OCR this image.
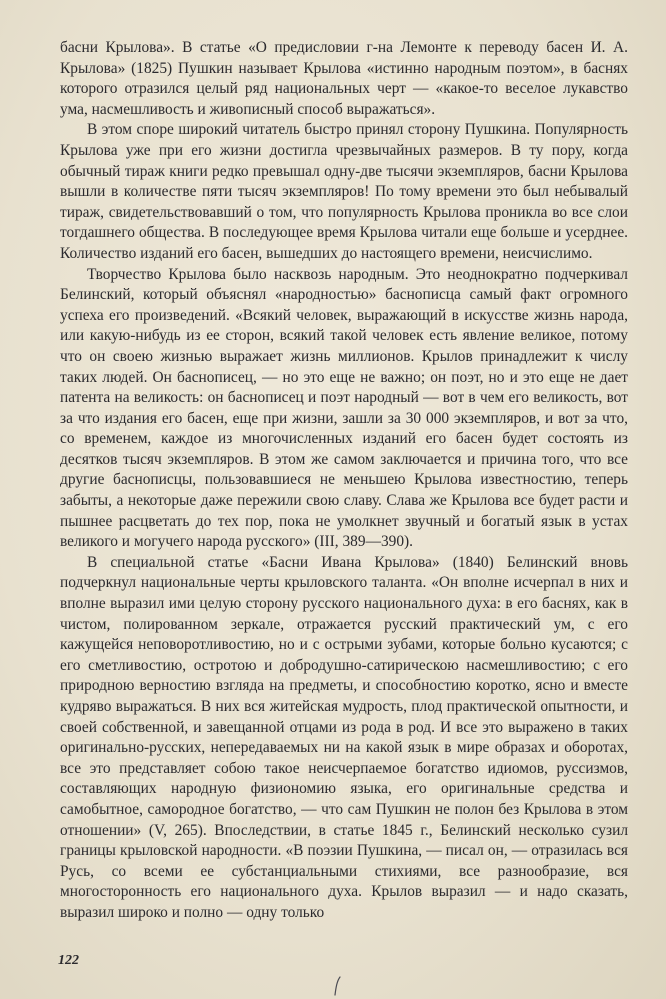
басни Крылова». В статье «О предисловии г-на Лемонте к переводу басен И. А. Крылова» (1825) Пушкин называет Крылова «истинно народным поэтом», в баснях которого отразился целый ряд национальных черт — «какое-то веселое лукавство ума, насмешливость и живописный способ выражаться».

В этом споре широкий читатель быстро принял сторону Пушкина. Популярность Крылова уже при его жизни достигла чрезвычайных размеров. В ту пору, когда обычный тираж книги редко превышал одну-две тысячи экземпляров, басни Крылова вышли в количестве пяти тысяч экземпляров! По тому времени это был небывалый тираж, свидетельствовавший о том, что популярность Крылова проникла во все слои тогдашнего общества. В последующее время Крылова читали еще больше и усерднее. Количество изданий его басен, вышедших до настоящего времени, неисчислимо.

Творчество Крылова было насквозь народным. Это неоднократно подчеркивал Белинский, который объяснял «народностью» баснописца самый факт огромного успеха его произведений. «Всякий человек, выражающий в искусстве жизнь народа, или какую-нибудь из ее сторон, всякий такой человек есть явление великое, потому что он своею жизнью выражает жизнь миллионов. Крылов принадлежит к числу таких людей. Он баснописец, — но это еще не важно; он поэт, но и это еще не дает патента на великость: он баснописец и поэт народный — вот в чем его великость, вот за что издания его басен, еще при жизни, зашли за 30 000 экземпляров, и вот за что, со временем, каждое из многочисленных изданий его басен будет состоять из десятков тысяч экземпляров. В этом же самом заключается и причина того, что все другие баснописцы, пользовавшиеся не меньшею Крылова известностию, теперь забыты, а некоторые даже пережили свою славу. Слава же Крылова все будет расти и пышнее расцветать до тех пор, пока не умолкнет звучный и богатый язык в устах великого и могучего народа русского» (III, 389—390).

В специальной статье «Басни Ивана Крылова» (1840) Белинский вновь подчеркнул национальные черты крыловского таланта. «Он вполне исчерпал в них и вполне выразил ими целую сторону русского национального духа: в его баснях, как в чистом, полированном зеркале, отражается русский практический ум, с его кажущейся неповоротливостию, но и с острыми зубами, которые больно кусаются; с его сметливостию, остротою и добродушно-сатирическою насмешливостию; с его природною верностию взгляда на предметы, и способностию коротко, ясно и вместе кудряво выражаться. В них вся житейская мудрость, плод практической опытности, и своей собственной, и завещанной отцами из рода в род. И все это выражено в таких оригинально-русских, непередаваемых ни на какой язык в мире образах и оборотах, все это представляет собою такое неисчерпаемое богатство идиомов, руссизмов, составляющих народную физиономию языка, его оригинальные средства и самобытное, самородное богатство, — что сам Пушкин не полон без Крылова в этом отношении» (V, 265). Впоследствии, в статье 1845 г., Белинский несколько сузил границы крыловской народности. «В поэзии Пушкина, — писал он, — отразилась вся Русь, со всеми ее субстанциальными стихиями, все разнообразие, вся многосторонность его национального духа. Крылов выразил — и надо сказать, выразил широко и полно — одну только

122
